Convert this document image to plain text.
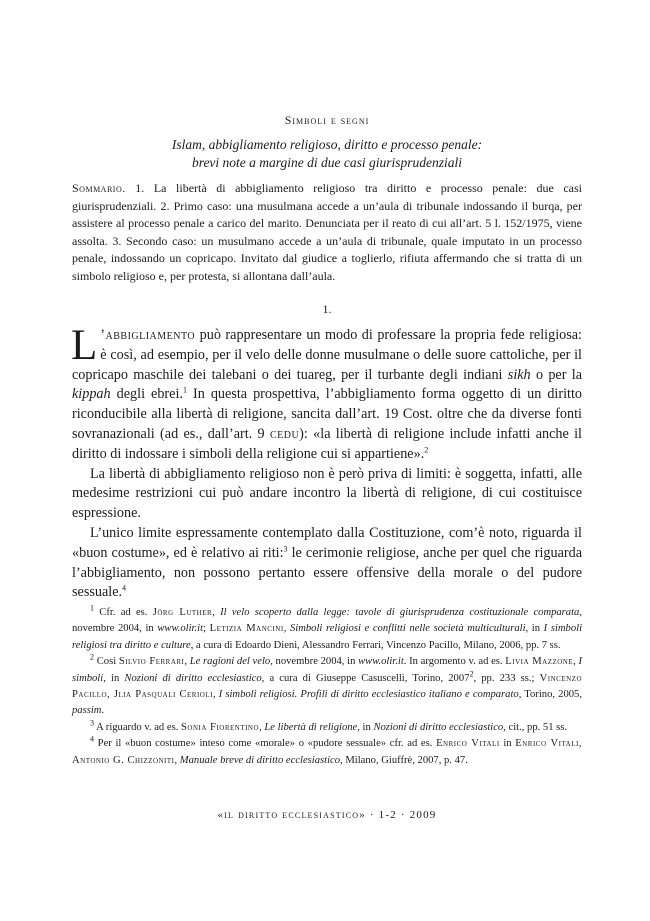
Simboli e segni
Islam, abbigliamento religioso, diritto e processo penale:
brevi note a margine di due casi giurisprudenziali
Sommario. 1. La libertà di abbigliamento religioso tra diritto e processo penale: due casi giurisprudenziali. 2. Primo caso: una musulmana accede a un’aula di tribunale indossando il burqa, per assistere al processo penale a carico del marito. Denunciata per il reato di cui all’art. 5 l. 152/1975, viene assolta. 3. Secondo caso: un musulmano accede a un’aula di tribunale, quale imputato in un processo penale, indossando un copricapo. Invitato dal giudice a toglierlo, rifiuta affermando che si tratta di un simbolo religioso e, per protesta, si allontana dall’aula.
1.

L ’abbigliamento può rappresentare un modo di professare la propria fede religiosa: è così, ad esempio, per il velo delle donne musulmane o delle suore cattoliche, per il copricapo maschile dei talebani o dei tuareg, per il turbante degli indiani sikh o per la kippah degli ebrei.$^1$ In questa prospettiva, l’abbigliamento forma oggetto di un diritto riconducibile alla libertà di religione, sancita dall’art. 19 Cost. oltre che da diverse fonti sovranazionali (ad es., dall’art. 9 cedu): «la libertà di religione include infatti anche il diritto di indossare i simboli della religione cui si appartiene».$^2$

La libertà di abbigliamento religioso non è però priva di limiti: è soggetta, infatti, alle medesime restrizioni cui può andare incontro la libertà di religione, di cui costituisce espressione.

L’unico limite espressamente contemplato dalla Costituzione, com’è noto, riguarda il «buon costume», ed è relativo ai riti:$^3$ le cerimonie religiose, anche per quel che riguarda l’abbigliamento, non possono pertanto essere offensive della morale o del pudore sessuale.$^4$

$^1$ Cfr. ad es. Jörg Luther, Il velo scoperto dalla legge: tavole di giurisprudenza costituzionale comparata, novembre 2004, in www.olir.it; Letizia Mancini, Simboli religiosi e conflitti nelle società multiculturali, in I simboli religiosi tra diritto e culture, a cura di Edoardo Dieni, Alessandro Ferrari, Vincenzo Pacillo, Milano, 2006, pp. 7 ss.

$^2$ Così Silvio Ferrari, Le ragioni del velo, novembre 2004, in www.olir.it. In argomento v. ad es. Livia Mazzone, I simboli, in Nozioni di diritto ecclesiastico, a cura di Giuseppe Casuscelli, Torino, 2007$^2$, pp. 233 ss.; Vincenzo Pacillo, Jlia Pasquali Cerioli, I simboli religiosi. Profili di diritto ecclesiastico italiano e comparato, Torino, 2005, passim.

$^3$ A riguardo v. ad es. Sonia Fiorentino, Le libertà di religione, in Nozioni di diritto ecclesiastico, cit., pp. 51 ss.

$^4$ Per il «buon costume» inteso come «morale» o «pudore sessuale» cfr. ad es. Enrico Vitali in Enrico Vitali, Antonio G. Chizzoniti, Manuale breve di diritto ecclesiastico, Milano, Giuffrè, 2007, p. 47.

«il diritto ecclesiastico» · 1-2 · 2009
